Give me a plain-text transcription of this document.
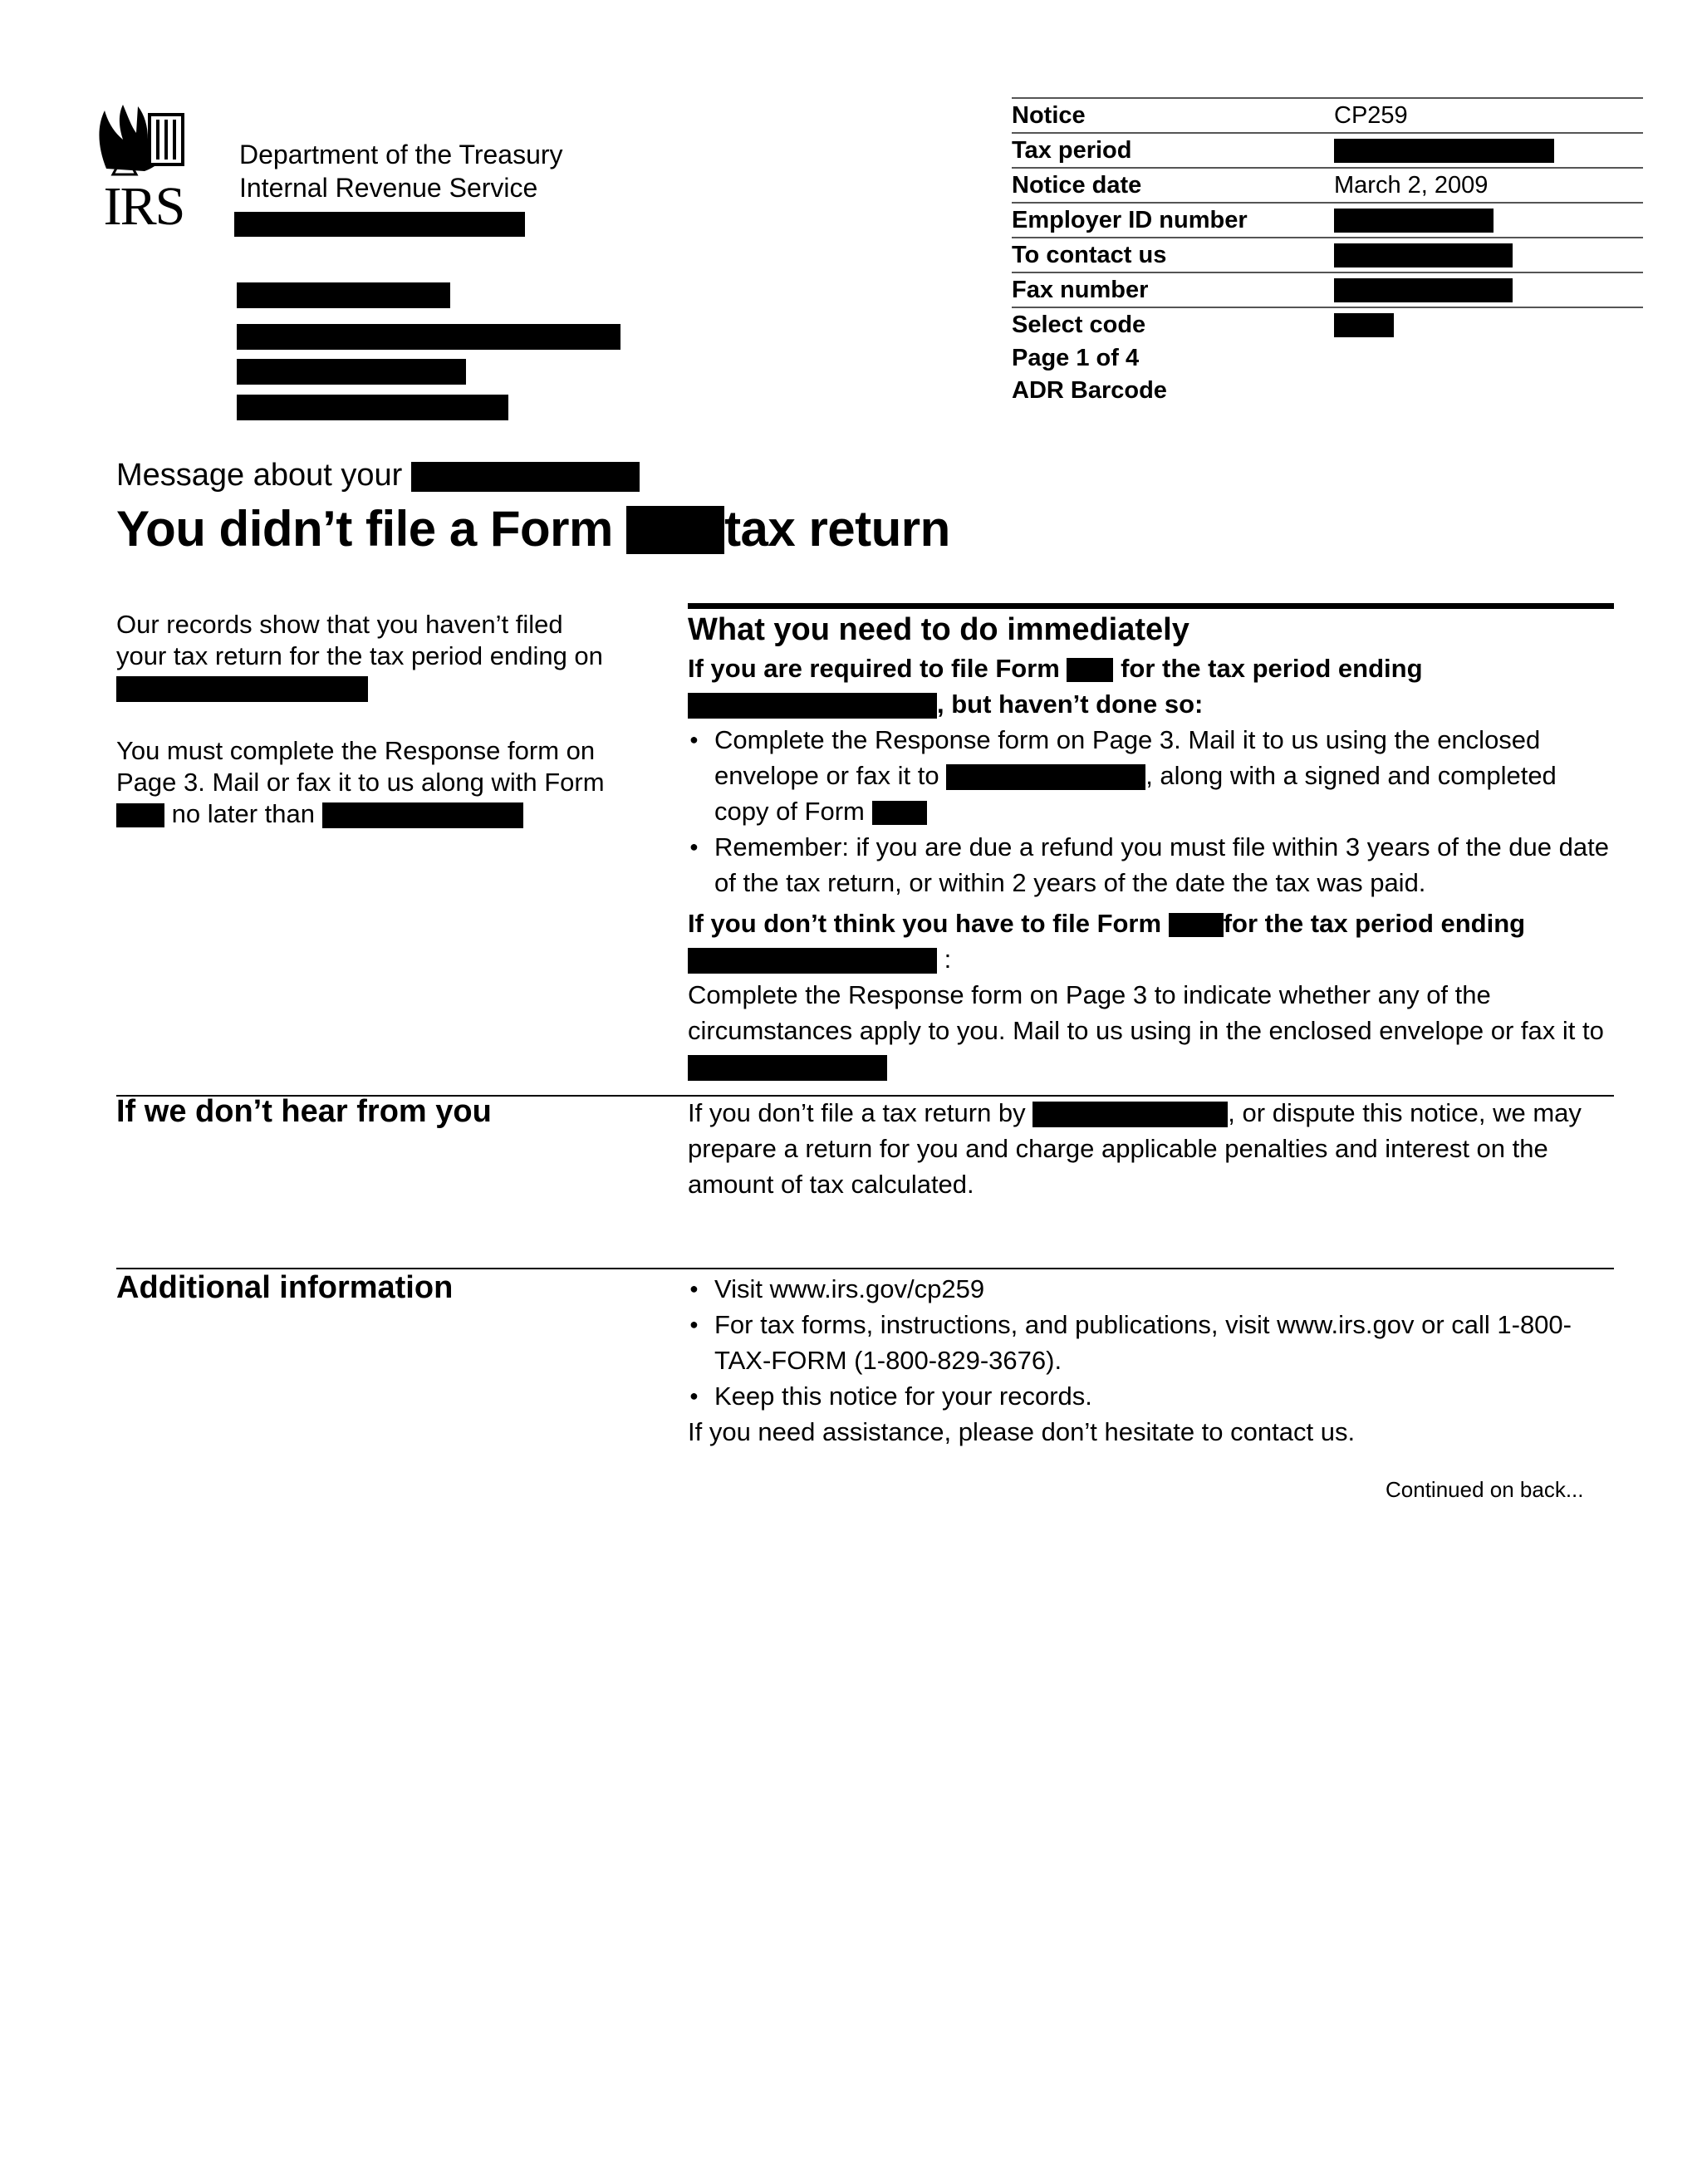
IRS
Department of the Treasury
Internal Revenue Service
Notice	CP259
Tax period
Notice date	March 2, 2009
Employer ID number
To contact us
Fax number
Select code
Page 1 of 4
ADR Barcode
Message about your
You didn’t file a Form tax return
Our records show that you haven’t filed your tax return for the tax period ending on
You must complete the Response form on Page 3. Mail or fax it to us along with Form  no later than
What you need to do immediately
If you are required to file Form for the tax period ending
, but haven’t done so:
● Complete the Response form on Page 3. Mail it to us using the enclosed envelope or fax it to	, along with a signed and completed copy of Form
● Remember: if you are due a refund you must file within 3 years of the due date of the tax return, or within 2 years of the date the tax was paid.
If you don’t think you have to file Form for the tax period ending
:
Complete the Response form on Page 3 to indicate whether any of the circumstances apply to you. Mail to us using in the enclosed envelope or fax it to
If we don’t hear from you	If you don’t file a tax return by	, or dispute this notice, we may prepare a return for you and charge applicable penalties and interest on the amount of tax calculated.
Additional information
●	Visit www.irs.gov/cp259
● For tax forms, instructions, and publications, visit www.irs.gov or call 1-800-TAX-FORM (1-800-829-3676).
● Keep this notice for your records.
If you need assistance, please don’t hesitate to contact us.
Continued on back...
